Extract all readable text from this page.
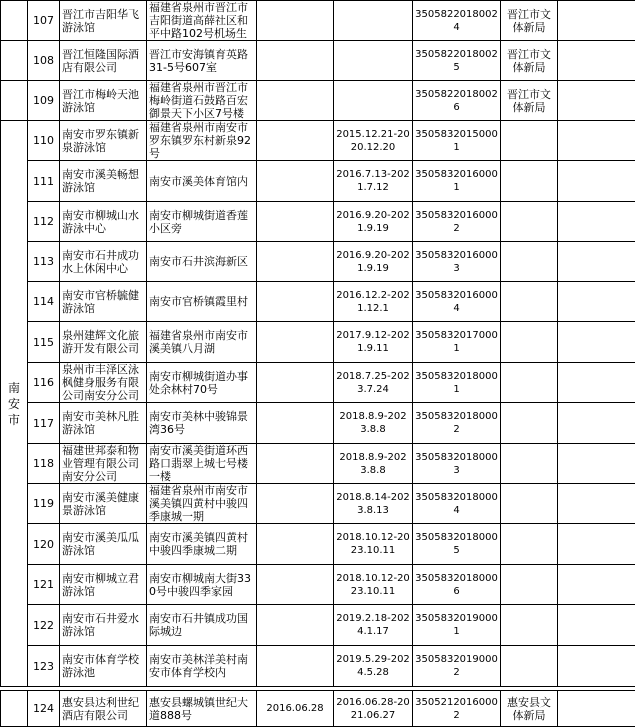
	107	晋江市吉阳华飞游泳馆	福建省泉州市晋江市吉阳街道高薛社区和平中路102号机场生			35058220180024	晋江市文体新局	
	108	晋江恒隆国际酒店有限公司	晋江市安海镇育英路31-5号607室			35058220180025	晋江市文体新局	
	109	晋江市梅岭天池游泳馆	福建省泉州市晋江市梅岭街道石鼓路百宏御景天下小区7号楼			35058220180026	晋江市文体新局	
南安市	110	南安市罗东镇新泉游泳馆	福建省泉州市南安市罗东镇罗东村新泉92号		2015.12.21-2020.12.20	35058320150001		
	111	南安市溪美畅想游泳馆	南安市溪美体育馆内		2016.7.13-2021.7.12	35058320160001		
	112	南安市柳城山水游泳中心	南安市柳城街道香莲小区旁		2016.9.20-2021.9.19	35058320160002		
	113	南安市石井成功水上休闲中心	南安市石井滨海新区		2016.9.20-2021.9.19	35058320160003		
	114	南安市官桥毓健游泳馆	南安市官桥镇霞里村		2016.12.2-2021.12.1	35058320160004		
	115	泉州建辉文化旅游开发有限公司	福建省泉州市南安市溪美镇八月湖		2017.9.12-2021.9.11	35058320170001		
	116	泉州市丰泽区泳枫健身服务有限公司南安分公司	南安市柳城街道办事处余林村70号		2018.7.25-2023.7.24	35058320180001		
	117	南安市美林凡胜游泳馆	南安市美林中骏锦景湾36号		2018.8.9-2023.8.8	35058320180002		
	118	福建世邦泰和物业管理有限公司南安分公司	南安市溪美街道环西路口翡翠上城七号楼一楼		2018.8.9-2023.8.8	35058320180003		
	119	南安市溪美健康景游泳馆	福建省泉州市南安市溪美镇四黄村中骏四季康城一期		2018.8.14-2023.8.13	35058320180004		
	120	南安市溪美瓜瓜游泳馆	南安市溪美镇四黄村中骏四季康城二期		2018.10.12-2023.10.11	35058320180005		
	121	南安市柳城立君游泳馆	南安市柳城南大街330号中骏四季家园		2018.10.12-2023.10.11	35058320180006		
	122	南安市石井爱水游泳馆	南安市石井镇成功国际城边		2019.2.18-2024.1.17	35058320190001		
	123	南安市体育学校游泳池	南安市美林洋美村南安市体育学校内		2019.5.29-2024.5.28	35058320190002		

	124	惠安县达利世纪酒店有限公司	惠安县螺城镇世纪大道888号	2016.06.28	2016.06.28-2021.06.27	35052120160002	惠安县文体新局	
